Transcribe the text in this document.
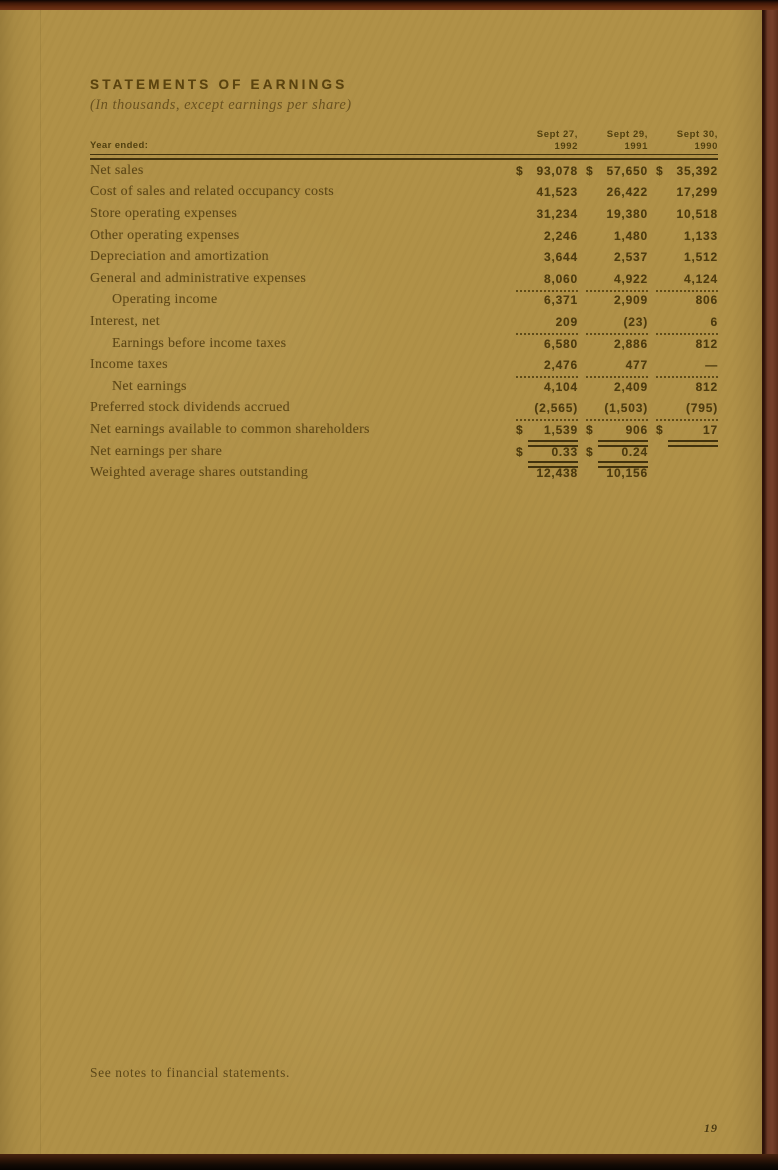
STATEMENTS OF EARNINGS
(In thousands, except earnings per share)
Year ended:
Sept 27,
1992
Sept 29,
1991
Sept 30,
1990
Net sales	$ 93,078 $ 57,650 $ 35,392
Cost of sales and related occupancy costs	41,523 26,422 17,299
Store operating expenses	31,234 19,380 10,518
Other operating expenses	2,246	1,480	1,133
Depreciation and amortization	3,644	2,537	1,512
General and administrative expenses	8,060	4,922	4,124
Operating income	6,371	2,909	806
Interest, net	209	(23)	6
Earnings before income taxes	6,580	2,886	812
Income taxes	2,476	477	—
Net earnings	4,104	2,409	812
Preferred stock dividends accrued	(2,565) (1,503)	(795)
Net earnings available to common shareholders	$ 1,539 $	906 $	17
Net earnings per share	$ 0.33 $ 0.24
Weighted average shares outstanding	12,438 10,156
See notes to financial statements.
19
